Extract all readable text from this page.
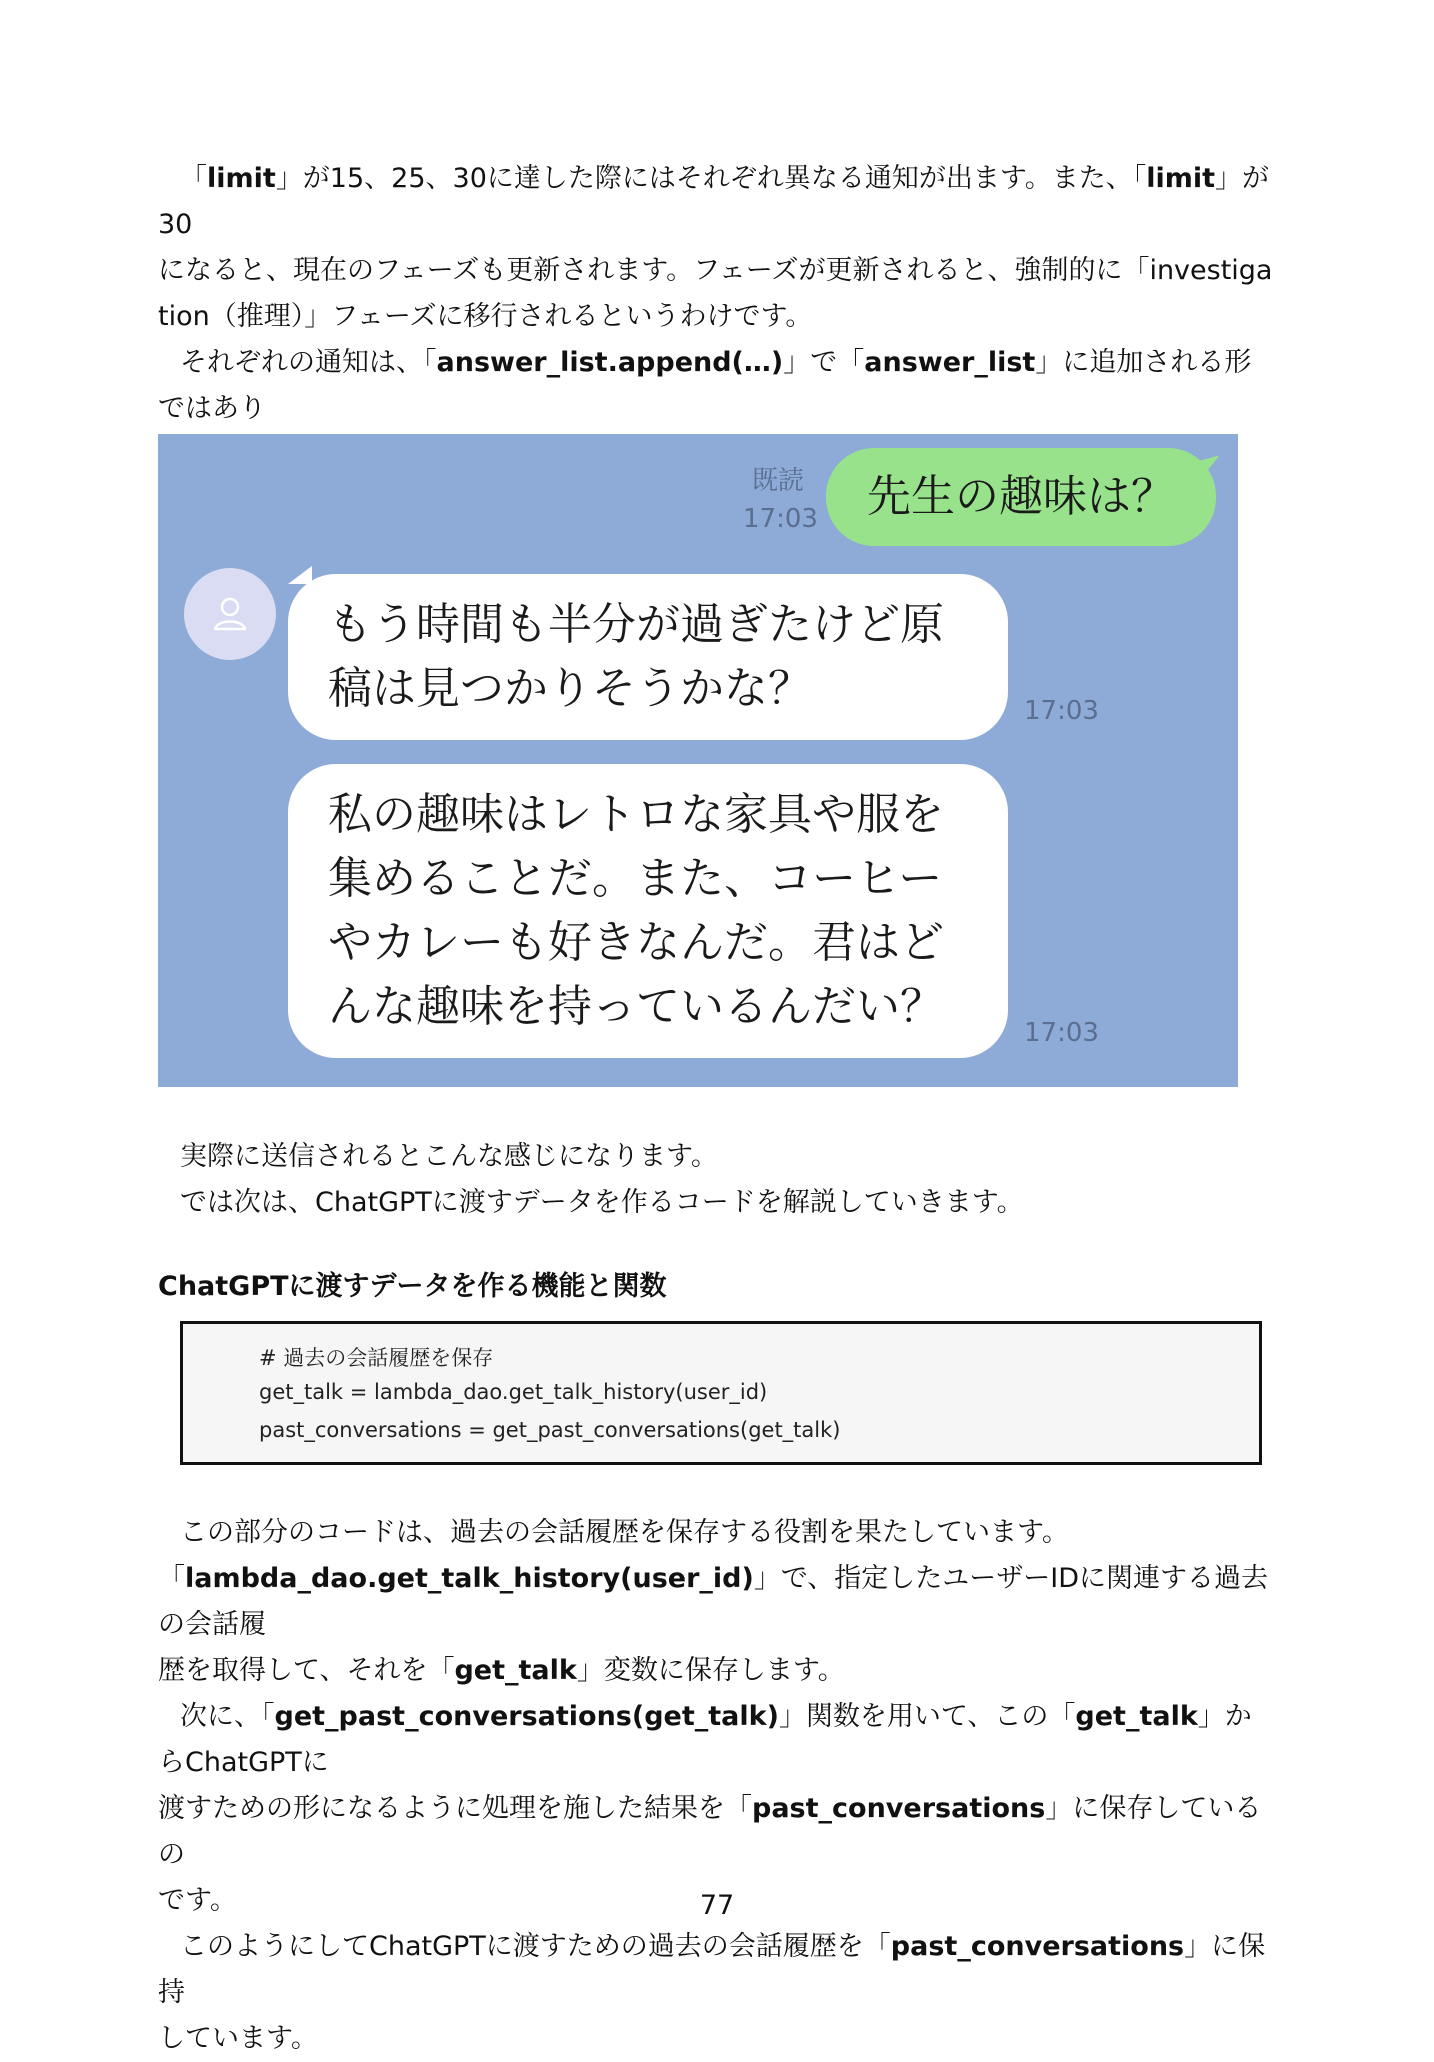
「limit」が15、25、30に達した際にはそれぞれ異なる通知が出ます。また、「limit」が30
になると、現在のフェーズも更新されます。フェーズが更新されると、強制的に「investiga
tion（推理）」フェーズに移行されるというわけです。
それぞれの通知は、「answer_list.append(…)」で「answer_list」に追加される形ではあり

既読
17:03 先生の趣味は？
もう時間も半分が過ぎたけど原
稿は見つかりそうかな？	17:03
私の趣味はレトロな家具や服を
集めることだ。また、コーヒー
やカレーも好きなんだ。君はど
んな趣味を持っているんだい？
17:03

実際に送信されるとこんな感じになります。
では次は、ChatGPTに渡すデータを作るコードを解説していきます。

ChatGPTに渡すデータを作る機能と関数
# 過去の会話履歴を保存
get_talk = lambda_dao.get_talk_history(user_id)
past_conversations = get_past_conversations(get_talk)

この部分のコードは、過去の会話履歴を保存する役割を果たしています。
「lambda_dao.get_talk_history(user_id)」で、指定したユーザーIDに関連する過去の会話履
歴を取得して、それを「get_talk」変数に保存します。
次に、「get_past_conversations(get_talk)」関数を用いて、この「get_talk」からChatGPTに
渡すための形になるように処理を施した結果を「past_conversations」に保存しているの
です。
このようにしてChatGPTに渡すための過去の会話履歴を「past_conversations」に保持
しています。

77
